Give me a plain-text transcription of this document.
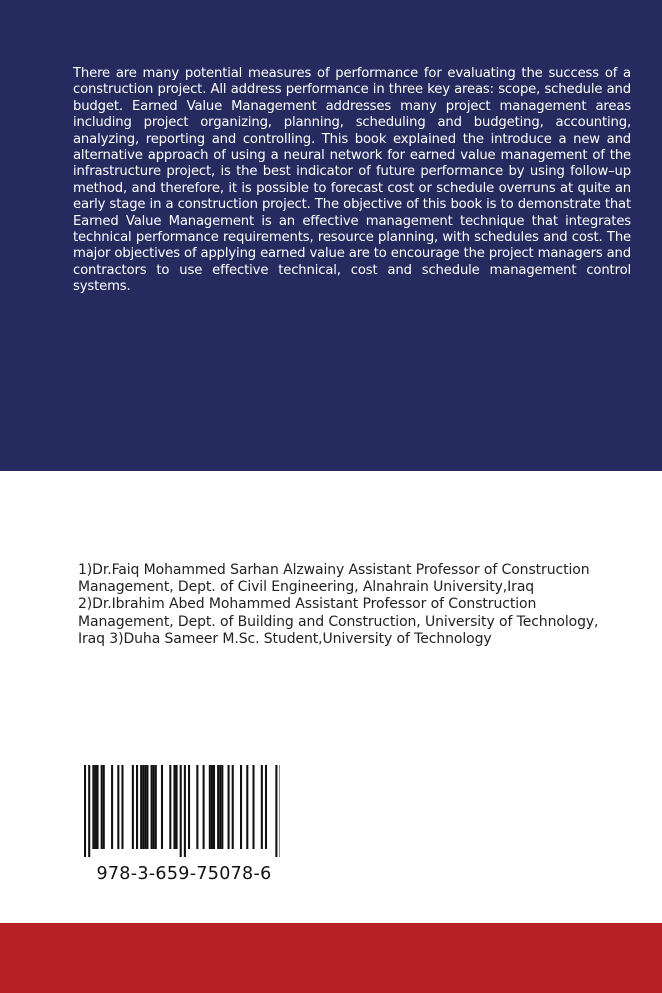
There are many potential measures of performance for evaluating the success of a construction project. All address performance in three key areas: scope, schedule and budget. Earned Value Management addresses many project management areas including project organizing, planning, scheduling and budgeting, accounting, analyzing, reporting and controlling. This book explained the introduce a new and alternative approach of using a neural network for earned value management of the infrastructure project, is the best indicator of future performance by using follow–up method, and therefore, it is possible to forecast cost or schedule overruns at quite an early stage in a construction project. The objective of this book is to demonstrate that Earned Value Management is an effective management technique that integrates technical performance requirements, resource planning, with schedules and cost. The major objectives of applying earned value are to encourage the project managers and contractors to use effective technical, cost and schedule management control systems.
1)Dr.Faiq Mohammed Sarhan Alzwainy Assistant Professor of Construction Management, Dept. of Civil Engineering, Alnahrain University,Iraq 2)Dr.Ibrahim Abed Mohammed Assistant Professor of Construction Management, Dept. of Building and Construction, University of Technology, Iraq 3)Duha Sameer M.Sc. Student,University of Technology
978-3-659-75078-6
